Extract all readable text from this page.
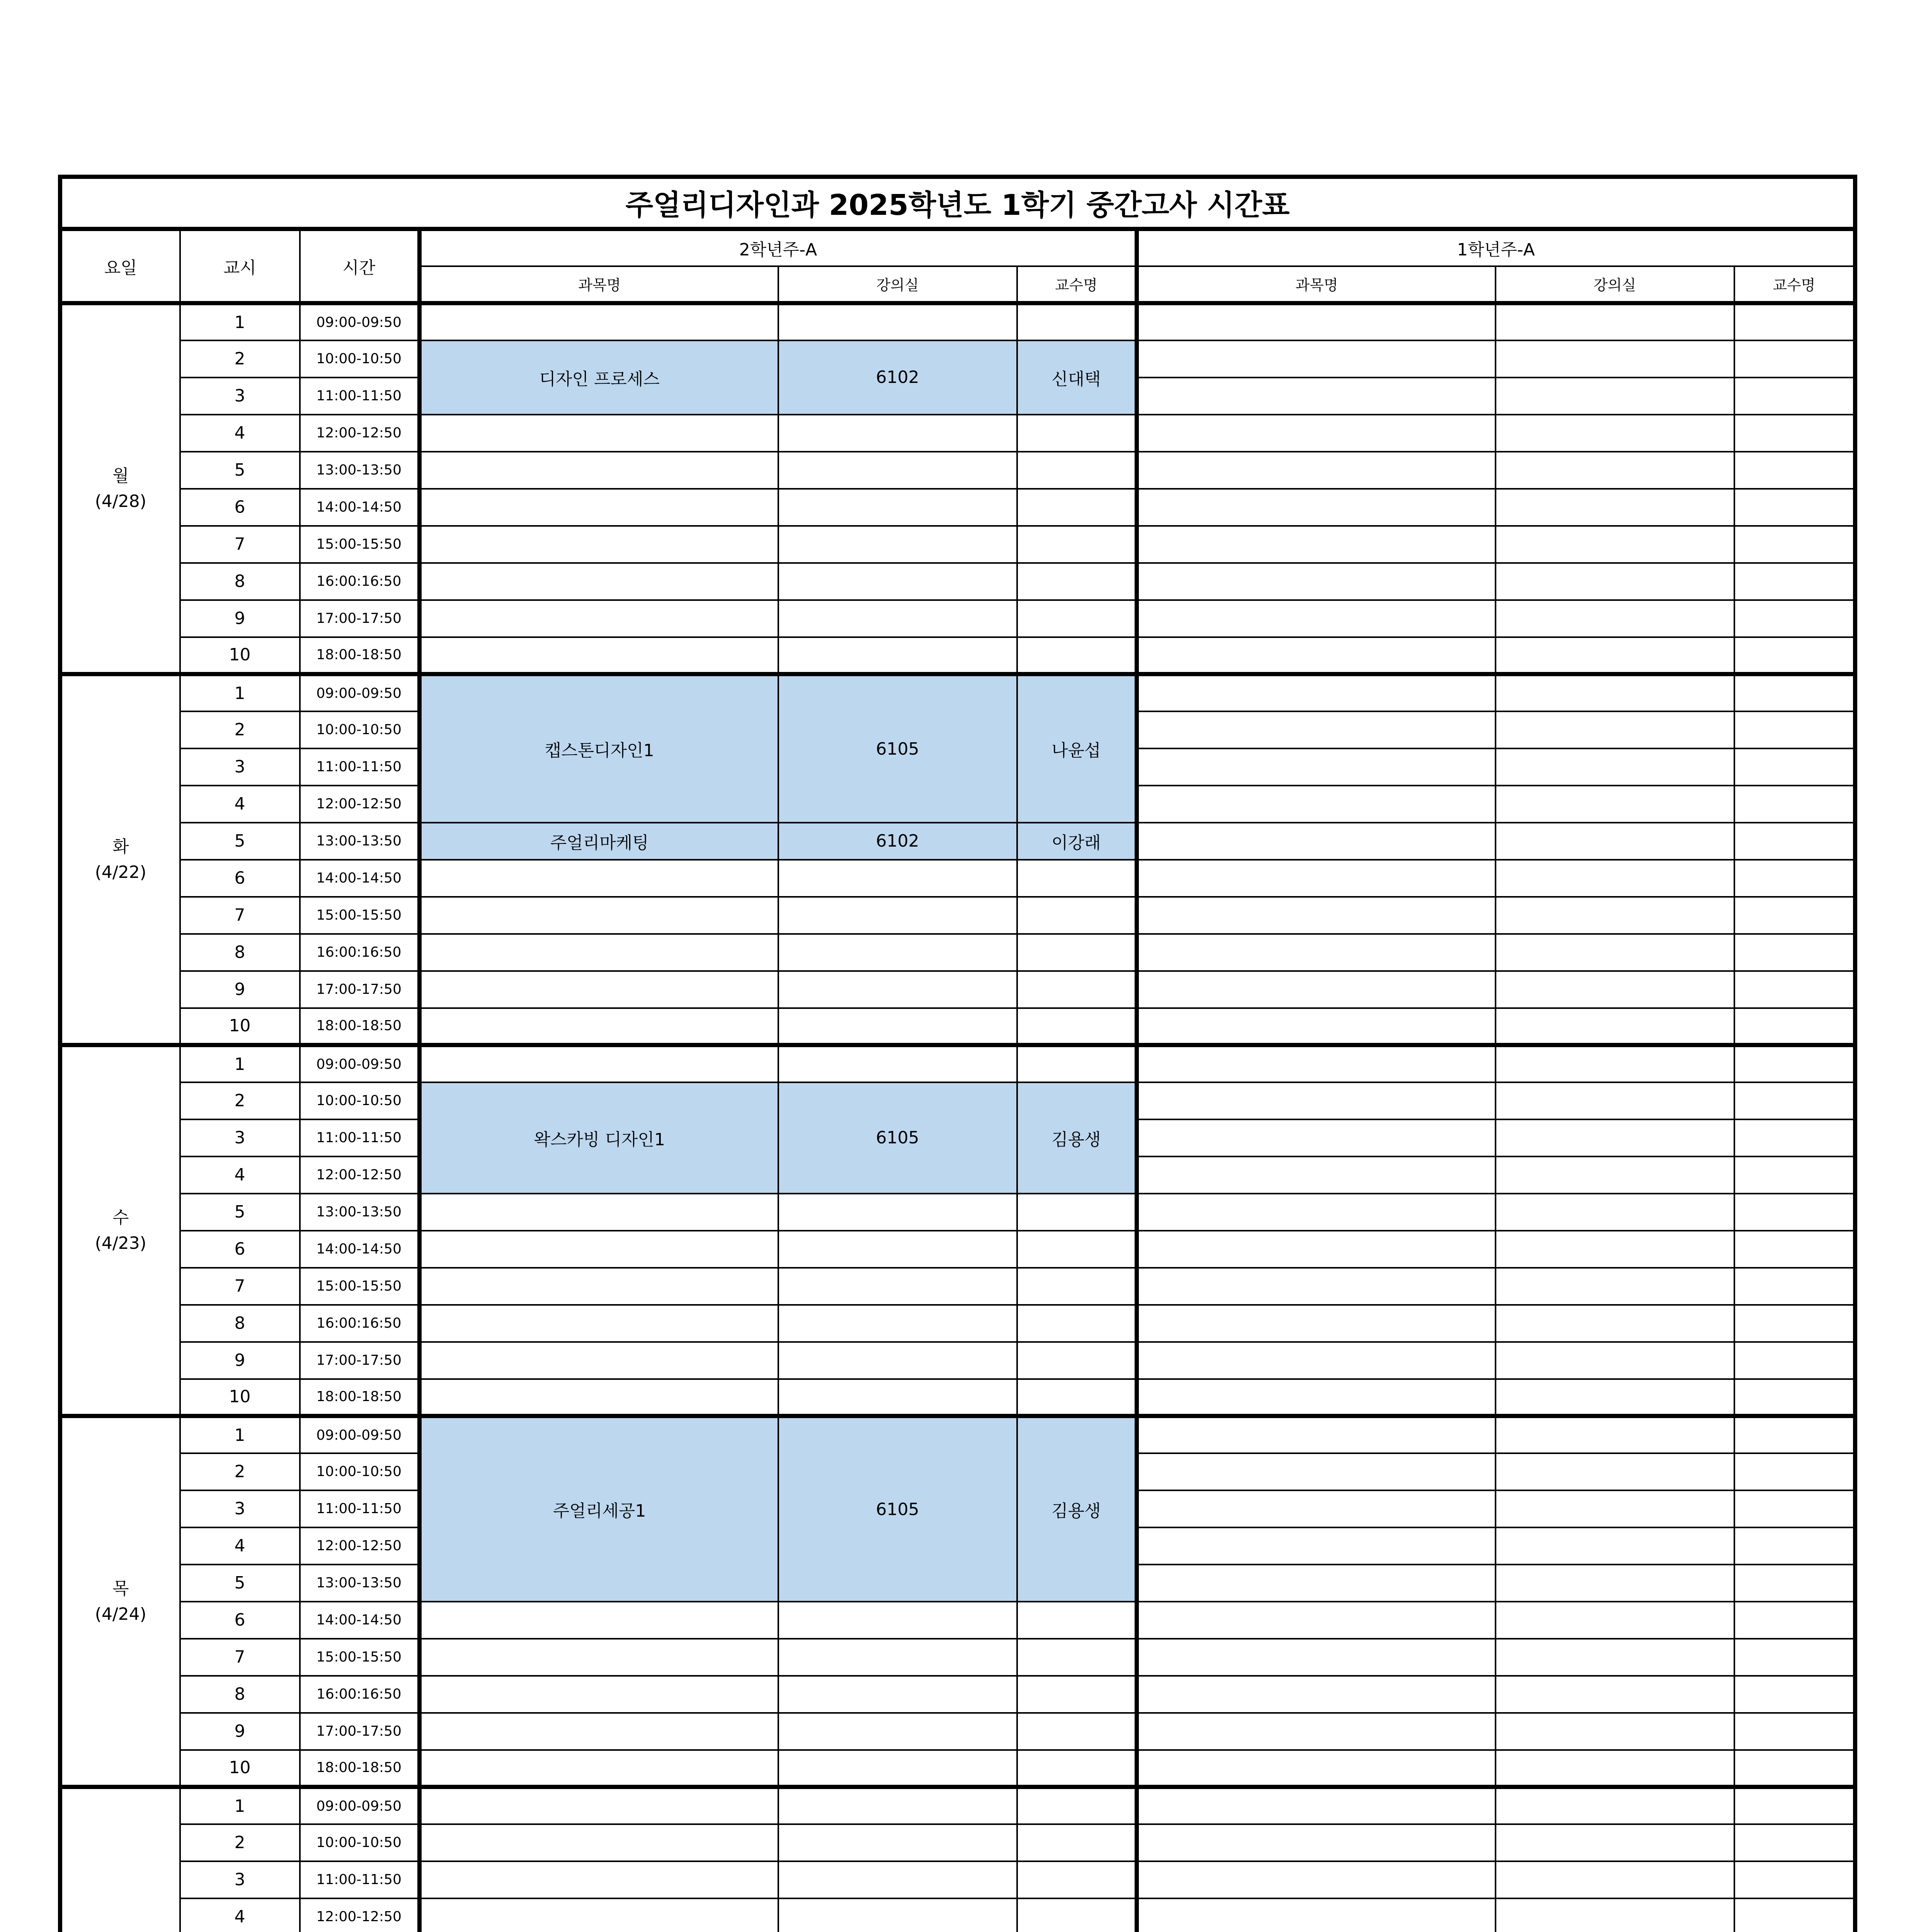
주얼리디자인과 2025학년도 1학기 중간고사 시간표								
요일	교시	시간	2학년주-A			1학년주-A		
			과목명	강의실	교수명	과목명	강의실	교수명

월
(4/28)	1	09:00-09:50						
	2	10:00-10:50	디자인 프로세스	6102	신대택			
	3	11:00-11:50						
	4	12:00-12:50						
	5	13:00-13:50						
	6	14:00-14:50						
	7	15:00-15:50						
	8	16:00:16:50						
	9	17:00-17:50						
	10	18:00-18:50						

화
(4/22)	1	09:00-09:50	캡스톤디자인1	6105	나윤섭			
	2	10:00-10:50						
	3	11:00-11:50						
	4	12:00-12:50						
	5	13:00-13:50	주얼리마케팅	6102	이강래			
	6	14:00-14:50						
	7	15:00-15:50						
	8	16:00:16:50						
	9	17:00-17:50						
	10	18:00-18:50						

수
(4/23)	1	09:00-09:50						
	2	10:00-10:50	왁스카빙 디자인1	6105	김용생			
	3	11:00-11:50						
	4	12:00-12:50						
	5	13:00-13:50						
	6	14:00-14:50						
	7	15:00-15:50						
	8	16:00:16:50						
	9	17:00-17:50						
	10	18:00-18:50						

목
(4/24)	1	09:00-09:50	주얼리세공1	6105	김용생			
	2	10:00-10:50						
	3	11:00-11:50						
	4	12:00-12:50						
	5	13:00-13:50						
	6	14:00-14:50						
	7	15:00-15:50						
	8	16:00:16:50						
	9	17:00-17:50						
	10	18:00-18:50						

	1	09:00-09:50						
	2	10:00-10:50						
	3	11:00-11:50						
	4	12:00-12:50						
